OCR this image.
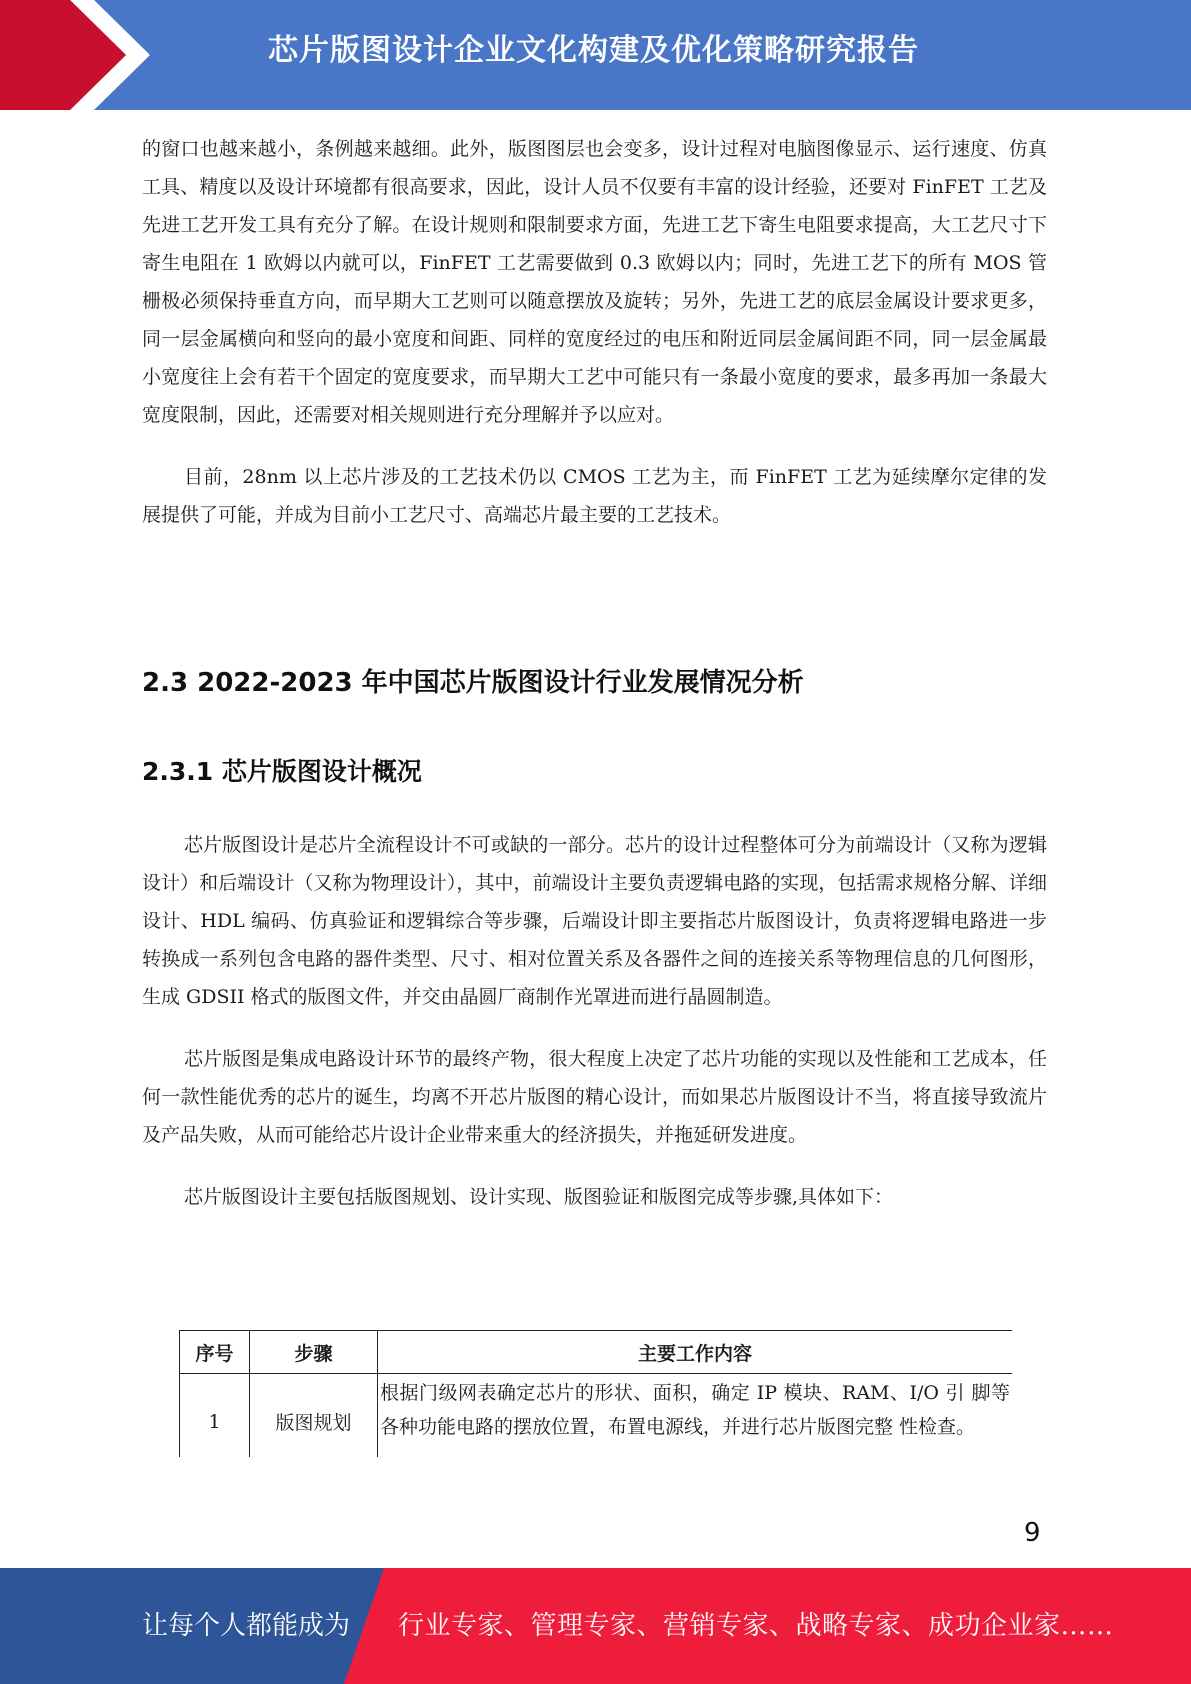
芯片版图设计企业文化构建及优化策略研究报告

的窗口也越来越小，条例越来越细。此外，版图图层也会变多，设计过程对电脑图像显示、运行速度、仿真工具、精度以及设计环境都有很高要求，因此，设计人员不仅要有丰富的设计经验，还要对 FinFET 工艺及先进工艺开发工具有充分了解。在设计规则和限制要求方面，先进工艺下寄生电阻要求提高，大工艺尺寸下寄生电阻在 1 欧姆以内就可以，FinFET 工艺需要做到 0.3 欧姆以内；同时，先进工艺下的所有 MOS 管栅极必须保持垂直方向，而早期大工艺则可以随意摆放及旋转；另外，先进工艺的底层金属设计要求更多，同一层金属横向和竖向的最小宽度和间距、同样的宽度经过的电压和附近同层金属间距不同，同一层金属最小宽度往上会有若干个固定的宽度要求，而早期大工艺中可能只有一条最小宽度的要求，最多再加一条最大宽度限制，因此，还需要对相关规则进行充分理解并予以应对。

目前，28nm 以上芯片涉及的工艺技术仍以 CMOS 工艺为主，而 FinFET 工艺为延续摩尔定律的发展提供了可能，并成为目前小工艺尺寸、高端芯片最主要的工艺技术。

2.3 2022-2023 年中国芯片版图设计行业发展情况分析
2.3.1 芯片版图设计概况

芯片版图设计是芯片全流程设计不可或缺的一部分。芯片的设计过程整体可分为前端设计（又称为逻辑设计）和后端设计（又称为物理设计），其中，前端设计主要负责逻辑电路的实现，包括需求规格分解、详细设计、HDL 编码、仿真验证和逻辑综合等步骤，后端设计即主要指芯片版图设计，负责将逻辑电路进一步转换成一系列包含电路的器件类型、尺寸、相对位置关系及各器件之间的连接关系等物理信息的几何图形，生成 GDSII 格式的版图文件，并交由晶圆厂商制作光罩进而进行晶圆制造。

芯片版图是集成电路设计环节的最终产物，很大程度上决定了芯片功能的实现以及性能和工艺成本，任何一款性能优秀的芯片的诞生，均离不开芯片版图的精心设计，而如果芯片版图设计不当，将直接导致流片及产品失败，从而可能给芯片设计企业带来重大的经济损失，并拖延研发进度。

芯片版图设计主要包括版图规划、设计实现、版图验证和版图完成等步骤,具体如下：

序号	步骤	主要工作内容
1	版图规划	根据门级网表确定芯片的形状、面积，确定 IP 模块、RAM、I/O 引 脚等各种功能电路的摆放位置，布置电源线，并进行芯片版图完整 性检查。
9
让每个人都能成为 行业专家、管理专家、营销专家、战略专家、成功企业家……
